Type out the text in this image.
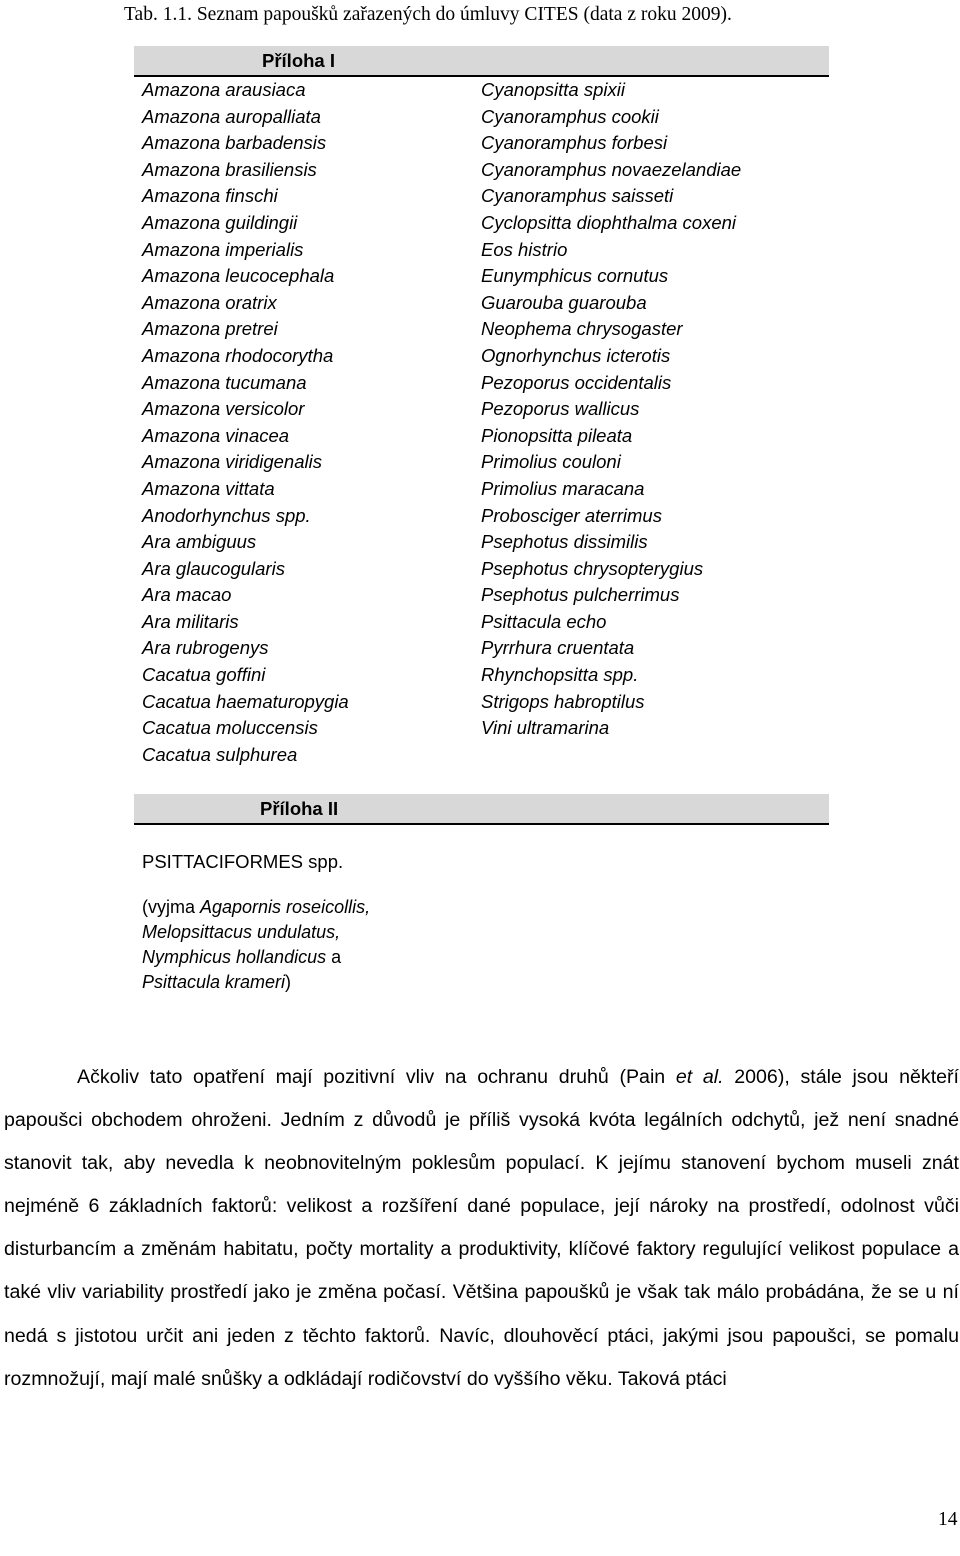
Tab. 1.1. Seznam papoušků zařazených do úmluvy CITES (data z roku 2009).
Příloha I
Amazona arausiaca
Amazona auropalliata
Amazona barbadensis
Amazona brasiliensis
Amazona finschi
Amazona guildingii
Amazona imperialis
Amazona leucocephala
Amazona oratrix
Amazona pretrei
Amazona rhodocorytha
Amazona tucumana
Amazona versicolor
Amazona vinacea
Amazona viridigenalis
Amazona vittata
Anodorhynchus spp.
Ara ambiguus
Ara glaucogularis
Ara macao
Ara militaris
Ara rubrogenys
Cacatua goffini
Cacatua haematuropygia
Cacatua moluccensis
Cacatua sulphurea
Cyanopsitta spixii
Cyanoramphus cookii
Cyanoramphus forbesi
Cyanoramphus novaezelandiae
Cyanoramphus saisseti
Cyclopsitta diophthalma coxeni
Eos histrio
Eunymphicus cornutus
Guarouba guarouba
Neophema chrysogaster
Ognorhynchus icterotis
Pezoporus occidentalis
Pezoporus wallicus
Pionopsitta pileata
Primolius couloni
Primolius maracana
Probosciger aterrimus
Psephotus dissimilis
Psephotus chrysopterygius
Psephotus pulcherrimus
Psittacula echo
Pyrrhura cruentata
Rhynchopsitta spp.
Strigops habroptilus
Vini ultramarina
Příloha II
PSITTACIFORMES spp.
(vyjma Agapornis roseicollis,
Melopsittacus undulatus,
Nymphicus hollandicus a
Psittacula krameri)

Ačkoliv tato opatření mají pozitivní vliv na ochranu druhů (Pain et al. 2006), stále jsou někteří papoušci obchodem ohroženi. Jedním z důvodů je příliš vysoká kvóta legálních odchytů, jež není snadné stanovit tak, aby nevedla k neobnovitelným poklesům populací. K jejímu stanovení bychom museli znát nejméně 6 základních faktorů: velikost a rozšíření dané populace, její nároky na prostředí, odolnost vůči disturbancím a změnám habitatu, počty mortality a produktivity, klíčové faktory regulující velikost populace a také vliv variability prostředí jako je změna počasí. Většina papoušků je však tak málo probádána, že se u ní nedá s jistotou určit ani jeden z těchto faktorů. Navíc, dlouhověcí ptáci, jakými jsou papoušci, se pomalu rozmnožují, mají malé snůšky a odkládají rodičovství do vyššího věku. Taková ptáci

14
